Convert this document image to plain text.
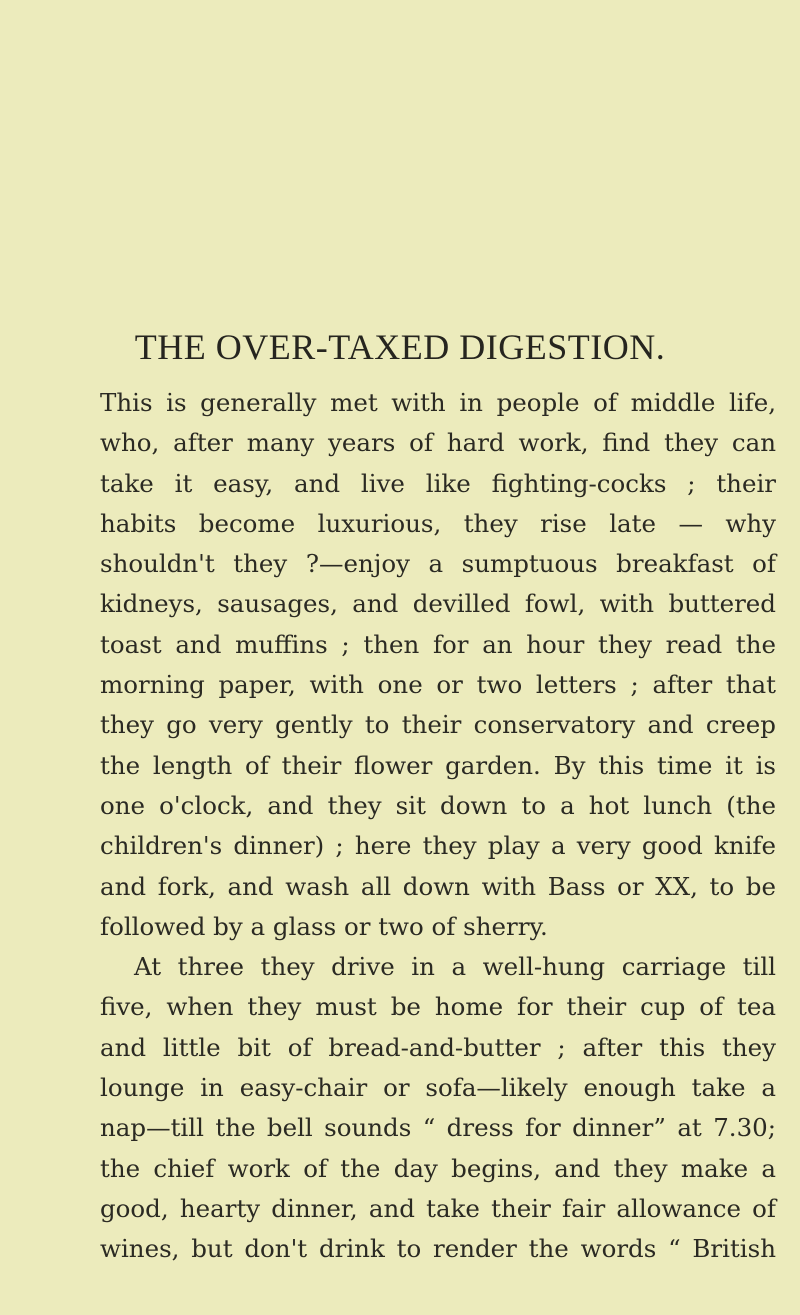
THE OVER-TAXED DIGESTION.
This is generally met with in people of middle life,
who, after many years of hard work, find they can
take it easy, and live like fighting-cocks ; their
habits become luxurious, they rise late — why
shouldn't they ?—enjoy a sumptuous breakfast of
kidneys, sausages, and devilled fowl, with buttered
toast and muffins ; then for an hour they read the
morning paper, with one or two letters ; after that
they go very gently to their conservatory and creep
the length of their flower garden. By this time it is
one o'clock, and they sit down to a hot lunch (the
children's dinner) ; here they play a very good knife
and fork, and wash all down with Bass or XX, to be
followed by a glass or two of sherry.
At three they drive in a well-hung carriage till
five, when they must be home for their cup of tea
and little bit of bread-and-butter ; after this they
lounge in easy-chair or sofa—likely enough take a
nap—till the bell sounds “ dress for dinner” at 7.30;
the chief work of the day begins, and they make a
good, hearty dinner, and take their fair allowance of
wines, but don't drink to render the words “ British
